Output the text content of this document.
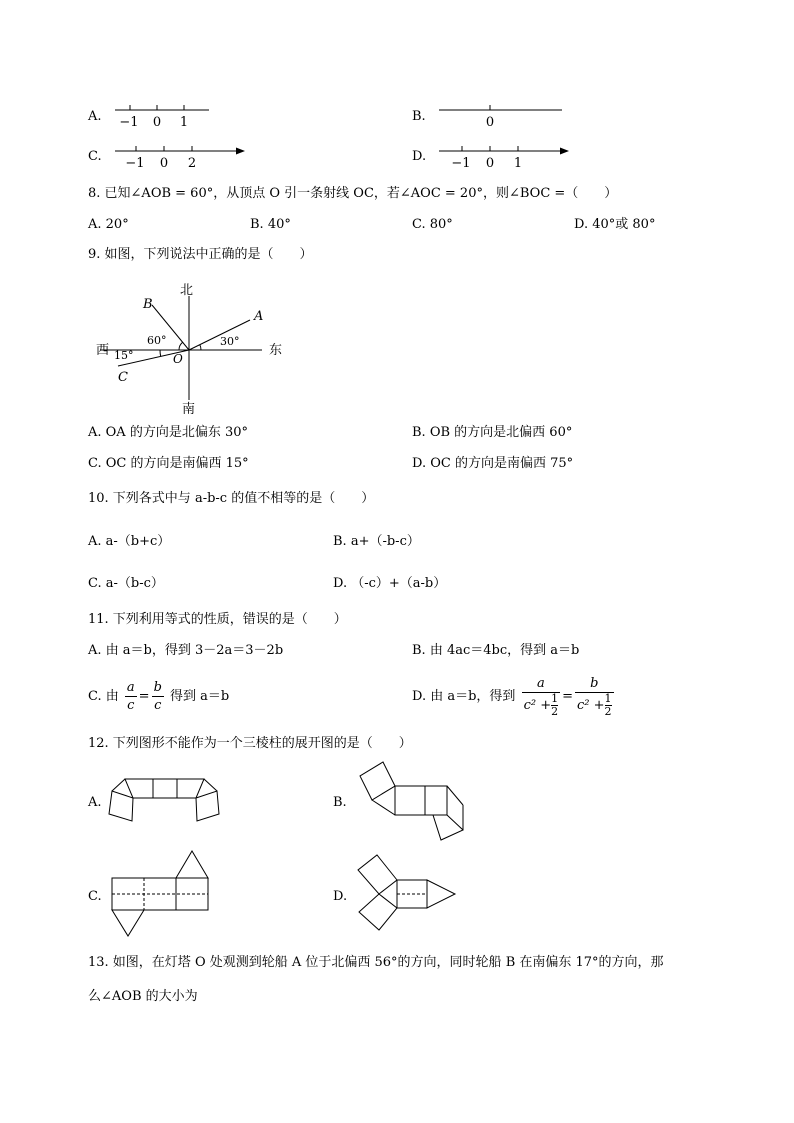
A. −1 0 1	B.	0
C. −1 0 2	D. −1 0 1
8. 已知∠AOB = 60°，从顶点 O 引一条射线 OC，若∠AOC = 20°，则∠BOC =（　　）
A. 20°	B. 40°	C. 80°	D. 40°或 80°
9. 如图，下列说法中正确的是（　　）
北
南
西	东
B
A
C
O
60°	30°
15°
A. OA 的方向是北偏东 30°	B. OB 的方向是北偏西 60°
C. OC 的方向是南偏西 15°	D. OC 的方向是南偏西 75°
10. 下列各式中与 a-b-c 的值不相等的是（　　）
A. a-（b+c）	B. a+（-b-c）
C. a-（b-c）	D. （-c）+（a-b）
11. 下列利用等式的性质，错误的是（　　）
A. 由 a＝b，得到 3－2a＝3－2b	B. 由 4ac＝4bc，得到 a＝b
C. 由 $\frac{a}{c} = \frac{b}{c}$ 得到 a＝b	D. 由 a＝b，得到 $\frac{a}{c^2 + \frac{1}{2}} = \frac{b}{c^2 + \frac{1}{2}}$
12. 下列图形不能作为一个三棱柱的展开图的是（　　）
A.	B.
C.	D.
13. 如图，在灯塔 O 处观测到轮船 A 位于北偏西 56°的方向，同时轮船 B 在南偏东 17°的方向，那
么∠AOB 的大小为
